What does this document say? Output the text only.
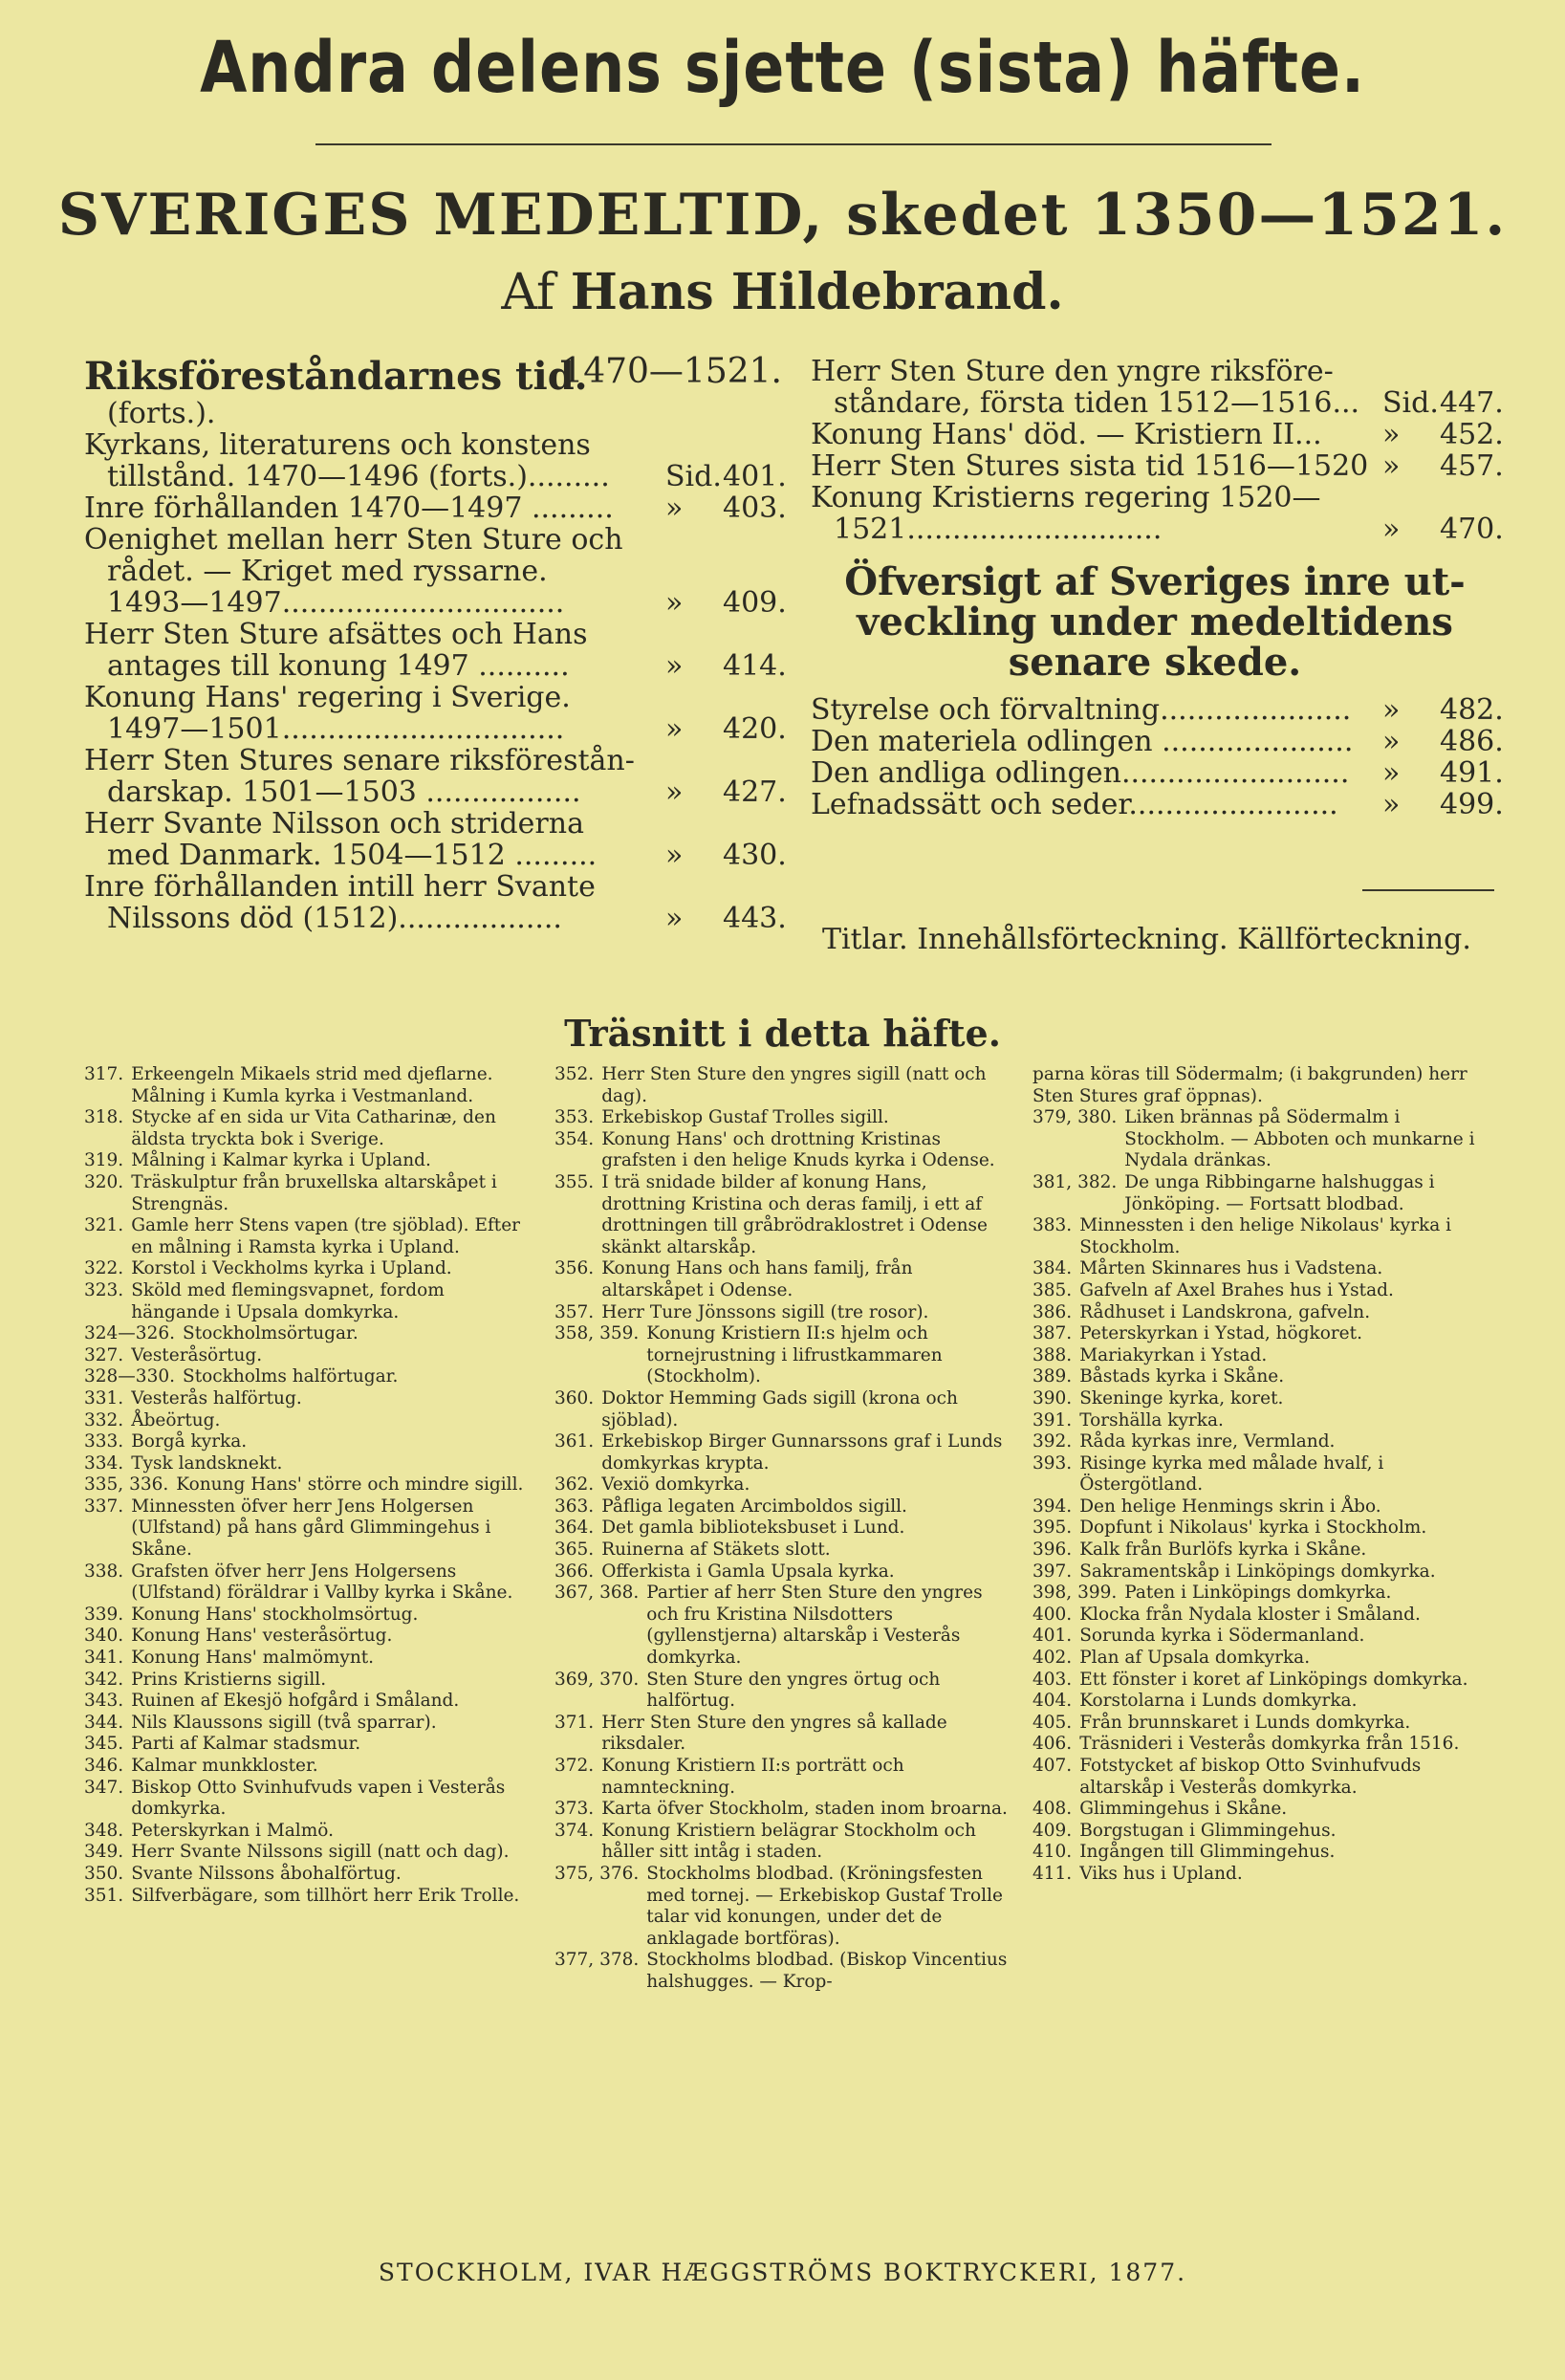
Andra delens sjette (sista) häfte.
SVERIGES MEDELTID, skedet 1350—1521.
Af Hans Hildebrand.
Riksföreståndarnes tid.
1470—1521.
(forts.).
Kyrkans, literaturens och konstens
tillstånd. 1470—1496 (forts.)......... Sid.401.
Inre förhållanden 1470—1497 ......... » 403.
Oenighet mellan herr Sten Sture och
rådet. — Kriget med ryssarne.
1493—1497...............................	» 409.
Herr Sten Sture afsättes och Hans
antages till konung 1497 ..........	» 414.
Konung Hans' regering i Sverige.
1497—1501...............................	» 420.
Herr Sten Stures senare riksförestån-
darskap. 1501—1503 .................	» 427.
Herr Svante Nilsson och striderna
med Danmark. 1504—1512 ......... » 430.
Inre förhållanden intill herr Svante
Nilssons död (1512)..................	» 443.
Herr Sten Sture den yngre riksföre-
ståndare, första tiden 1512—1516... Sid.447.
Konung Hans' död. — Kristiern II... » 452.
Herr Sten Stures sista tid 1516—1520 » 457.
Konung Kristierns regering 1520—
1521............................	» 470.
Öfversigt af Sveriges inre ut-
veckling under medeltidens
senare skede.
Styrelse och förvaltning..................... » 482.
Den materiela odlingen ..................... » 486.
Den andliga odlingen......................... » 491.
Lefnadssätt och seder....................... » 499.
Titlar. Innehållsförteckning. Källförteckning.
Träsnitt i detta häfte.
317. Erkeengeln Mikaels strid med djeflarne. Målning i Kumla kyrka i Vestmanland.
318. Stycke af en sida ur Vita Catharinæ, den äldsta tryckta bok i Sverige.
319. Målning i Kalmar kyrka i Upland.
320. Träskulptur från bruxellska altarskåpet i Strengnäs.
321. Gamle herr Stens vapen (tre sjöblad). Efter en målning i Ramsta kyrka i Upland.
322. Korstol i Veckholms kyrka i Upland.
323. Sköld med flemingsvapnet, fordom hängande i Upsala domkyrka.
324—326. Stockholmsörtugar.
327. Vesteråsörtug.
328—330. Stockholms halförtugar.
331. Vesterås halförtug.
332. Åbeörtug.
333. Borgå kyrka.
334. Tysk landsknekt.
335, 336. Konung Hans' större och mindre sigill.
337. Minnessten öfver herr Jens Holgersen (Ulfstand) på hans gård Glimmingehus i Skåne.
338. Grafsten öfver herr Jens Holgersens (Ulfstand) föräldrar i Vallby kyrka i Skåne.
339. Konung Hans' stockholmsörtug.
340. Konung Hans' vesteråsörtug.
341. Konung Hans' malmömynt.
342. Prins Kristierns sigill.
343. Ruinen af Ekesjö hofgård i Småland.
344. Nils Klaussons sigill (två sparrar).
345. Parti af Kalmar stadsmur.
346. Kalmar munkkloster.
347. Biskop Otto Svinhufvuds vapen i Vesterås domkyrka.
348. Peterskyrkan i Malmö.
349. Herr Svante Nilssons sigill (natt och dag).
350. Svante Nilssons åbohalförtug.
351. Silfverbägare, som tillhört herr Erik Trolle.
352. Herr Sten Sture den yngres sigill (natt och dag).
353. Erkebiskop Gustaf Trolles sigill.
354. Konung Hans' och drottning Kristinas grafsten i den helige Knuds kyrka i Odense.
355. I trä snidade bilder af konung Hans, drottning Kristina och deras familj, i ett af drottningen till gråbrödraklostret i Odense skänkt altarskåp.
356. Konung Hans och hans familj, från altarskåpet i Odense.
357. Herr Ture Jönssons sigill (tre rosor).
358, 359. Konung Kristiern II:s hjelm och tornejrustning i lifrustkammaren (Stockholm).
360. Doktor Hemming Gads sigill (krona och sjöblad).
361. Erkebiskop Birger Gunnarssons graf i Lunds domkyrkas krypta.
362. Vexiö domkyrka.
363. Påfliga legaten Arcimboldos sigill.
364. Det gamla biblioteksbuset i Lund.
365. Ruinerna af Stäkets slott.
366. Offerkista i Gamla Upsala kyrka.
367, 368. Partier af herr Sten Sture den yngres och fru Kristina Nilsdotters (gyllenstjerna) altarskåp i Vesterås domkyrka.
369, 370. Sten Sture den yngres örtug och halförtug.
371. Herr Sten Sture den yngres så kallade riksdaler.
372. Konung Kristiern II:s porträtt och namnteckning.
373. Karta öfver Stockholm, staden inom broarna.
374. Konung Kristiern belägrar Stockholm och håller sitt intåg i staden.
375, 376. Stockholms blodbad. (Kröningsfesten med tornej. — Erkebiskop Gustaf Trolle talar vid konungen, under det de anklagade bortföras).
377, 378. Stockholms blodbad. (Biskop Vincentius halshugges. — Krop-
parna köras till Södermalm; (i bakgrunden) herr Sten Stures graf öppnas).
379, 380. Liken brännas på Södermalm i Stockholm. — Abboten och munkarne i Nydala dränkas.
381, 382. De unga Ribbingarne halshuggas i Jönköping. — Fortsatt blodbad.
383. Minnessten i den helige Nikolaus' kyrka i Stockholm.
384. Mårten Skinnares hus i Vadstena.
385. Gafveln af Axel Brahes hus i Ystad.
386. Rådhuset i Landskrona, gafveln.
387. Peterskyrkan i Ystad, högkoret.
388. Mariakyrkan i Ystad.
389. Båstads kyrka i Skåne.
390. Skeninge kyrka, koret.
391. Torshälla kyrka.
392. Råda kyrkas inre, Vermland.
393. Risinge kyrka med målade hvalf, i Östergötland.
394. Den helige Henmings skrin i Åbo.
395. Dopfunt i Nikolaus' kyrka i Stockholm.
396. Kalk från Burlöfs kyrka i Skåne.
397. Sakramentskåp i Linköpings domkyrka.
398, 399. Paten i Linköpings domkyrka.
400. Klocka från Nydala kloster i Småland.
401. Sorunda kyrka i Södermanland.
402. Plan af Upsala domkyrka.
403. Ett fönster i koret af Linköpings domkyrka.
404. Korstolarna i Lunds domkyrka.
405. Från brunnskaret i Lunds domkyrka.
406. Träsnideri i Vesterås domkyrka från 1516.
407. Fotstycket af biskop Otto Svinhufvuds altarskåp i Vesterås domkyrka.
408. Glimmingehus i Skåne.
409. Borgstugan i Glimmingehus.
410. Ingången till Glimmingehus.
411. Viks hus i Upland.
STOCKHOLM, IVAR HÆGGSTRÖMS BOKTRYCKERI, 1877.
